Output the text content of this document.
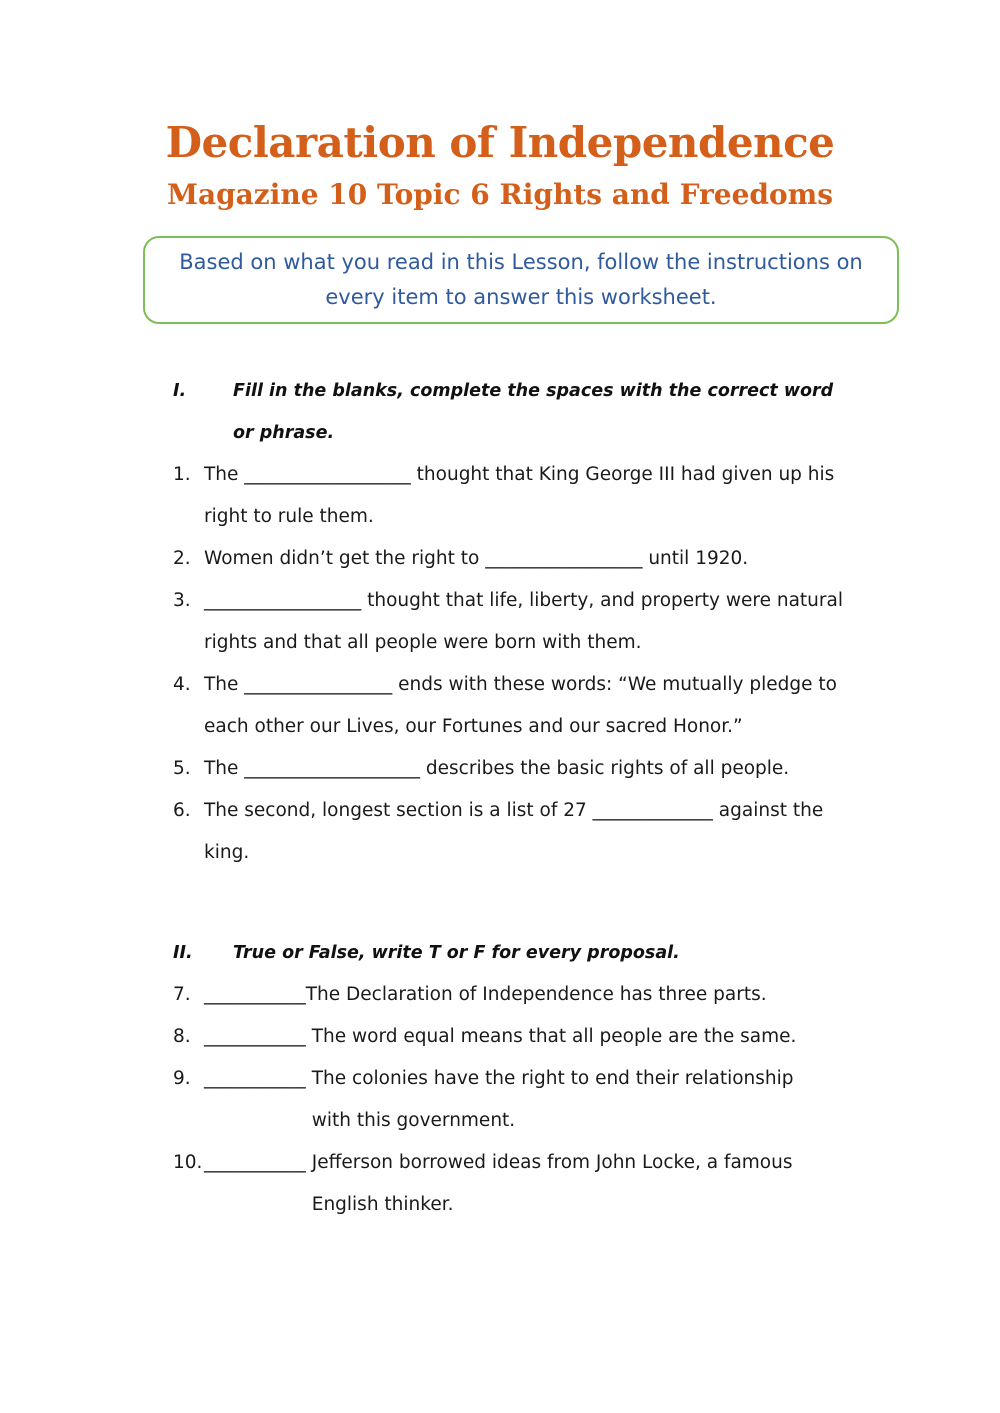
Declaration of Independence
Magazine 10 Topic 6 Rights and Freedoms
Based on what you read in this Lesson, follow the instructions on every item to answer this worksheet.
I.	Fill in the blanks, complete the spaces with the correct word or phrase.
1. The __________________ thought that King George III had given up his right to rule them.
2. Women didn’t get the right to _________________ until 1920.
3. _________________ thought that life, liberty, and property were natural rights and that all people were born with them.
4. The ________________ ends with these words: “We mutually pledge to each other our Lives, our Fortunes and our sacred Honor.”
5. The ___________________ describes the basic rights of all people.
6. The second, longest section is a list of 27 _____________ against the king.
II. True or False, write T or F for every proposal.
7. ___________ The Declaration of Independence has three parts.
8. ___________ The word equal means that all people are the same.
9. ___________ The colonies have the right to end their relationship with this government.
10. ___________ Jefferson borrowed ideas from John Locke, a famous English thinker.
